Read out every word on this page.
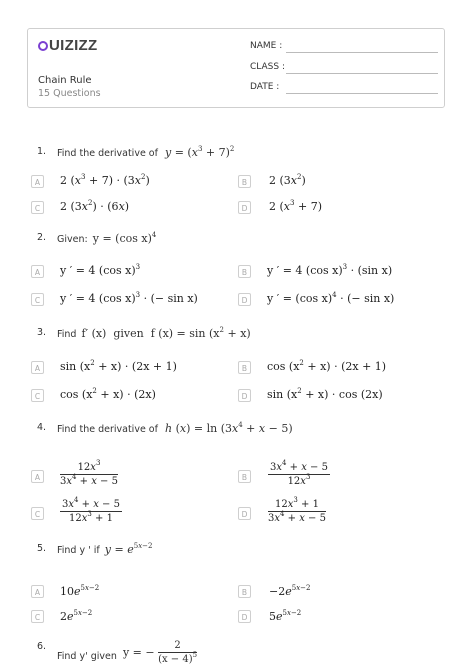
UIZIZZ
Chain Rule
15 Questions
NAME :
CLASS :
DATE :
1. Find the derivative of $y = (x^3 + 7)^2$
A	2 $(x^3 + 7) \cdot (3x^2)$	B	2 $(3x^2)$
C	2 $(3x^2) \cdot (6x)$	D	2 $(x^3 + 7)$
2. Given: y = (cos x)$^4$
A	y ′ = 4 (cos x)$^3$
B	y ′ = 4 (cos x)$^3$ · (sin x)
C	y ′ = 4 (cos x)$^3$ · (− sin x)	D	y ′ = (cos x)$^4$ · (− sin x)
3. Find f′ (x)  given  f $(x) = \sin (x^2 + x)$
A	$\sin (x^2 + x) \cdot (2x + 1)$	B	$\cos (x^2 + x) \cdot (2x + 1)$
C	$\cos (x^2 + x) \cdot (2x)$	D	$\sin (x^2 + x) \cdot \cos (2x)$
4. Find the derivative of h $(x) = \ln (3x^4 + x - 5)$
A	$\frac{12x^3}{3x^4 + x - 5}$	B	$\frac{3x^4 + x - 5}{12x^3}$
C	$\frac{3x^4 + x - 5}{12x^3 + 1}$	D	$\frac{12x^3 + 1}{3x^4 + x - 5}$
5. Find y ' if $y = e^{5x-2}$
A	$10e^{5x-2}$	B	$-2e^{5x-2}$
C	$2e^{5x-2}$	D	$5e^{5x-2}$
6.
Find y' given y = − $\frac{2}{(x - 4)^5}$
